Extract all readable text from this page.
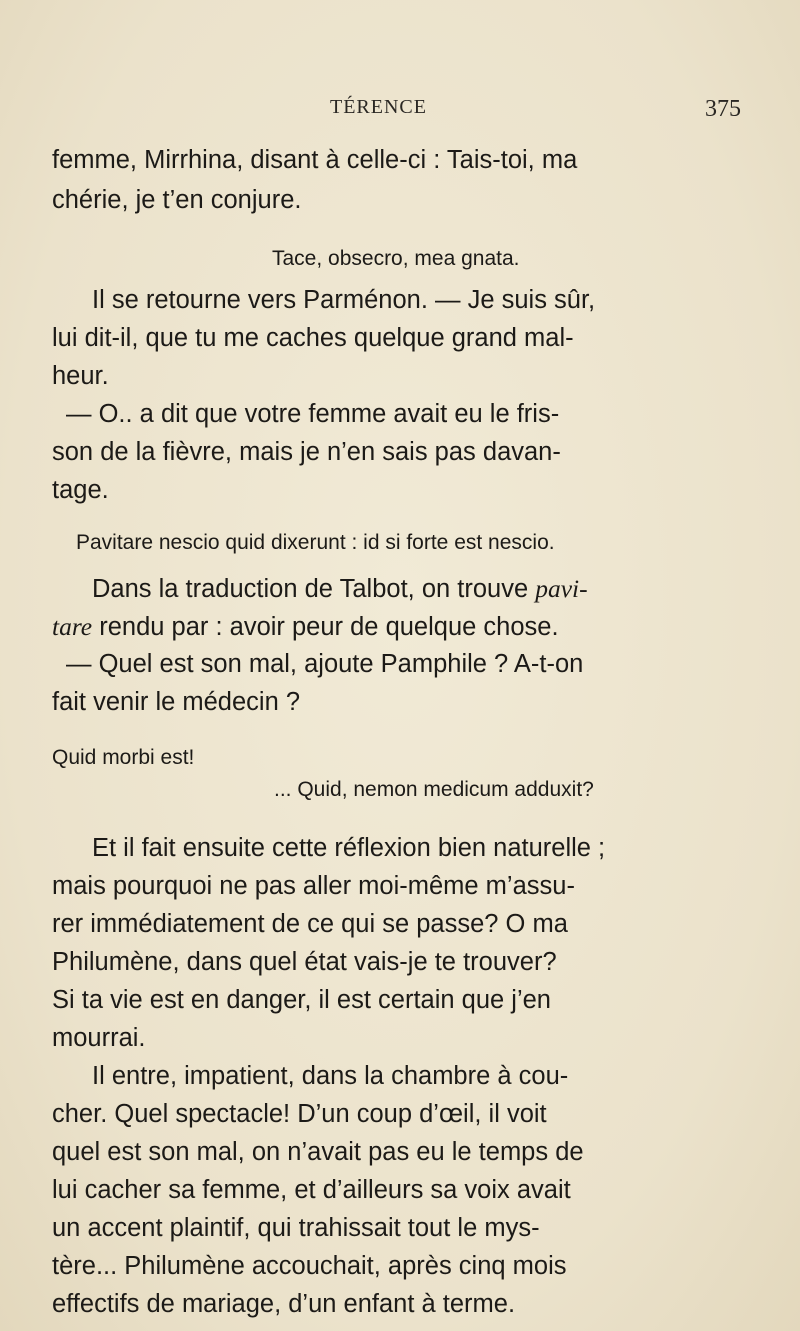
TÉRENCE	375
femme, Mirrhina, disant à celle-ci : Tais-toi, ma
chérie, je t’en conjure.
Tace, obsecro, mea gnata.
Il se retourne vers Parménon. — Je suis sûr,
lui dit-il, que tu me caches quelque grand mal-
heur.
— O.. a dit que votre femme avait eu le fris-
son de la fièvre, mais je n’en sais pas davan-
tage.
Pavitare nescio quid dixerunt : id si forte est nescio.
Dans la traduction de Talbot, on trouve pavi-
tare rendu par : avoir peur de quelque chose.
— Quel est son mal, ajoute Pamphile ? A-t-on
fait venir le médecin ?
Quid morbi est!
... Quid, nemon medicum adduxit?
Et il fait ensuite cette réflexion bien naturelle ;
mais pourquoi ne pas aller moi-même m’assu-
rer immédiatement de ce qui se passe? O ma
Philumène, dans quel état vais-je te trouver?
Si ta vie est en danger, il est certain que j’en
mourrai.
Il entre, impatient, dans la chambre à cou-
cher. Quel spectacle! D’un coup d’œil, il voit
quel est son mal, on n’avait pas eu le temps de
lui cacher sa femme, et d’ailleurs sa voix avait
un accent plaintif, qui trahissait tout le mys-
tère... Philumène accouchait, après cinq mois
effectifs de mariage, d’un enfant à terme.
